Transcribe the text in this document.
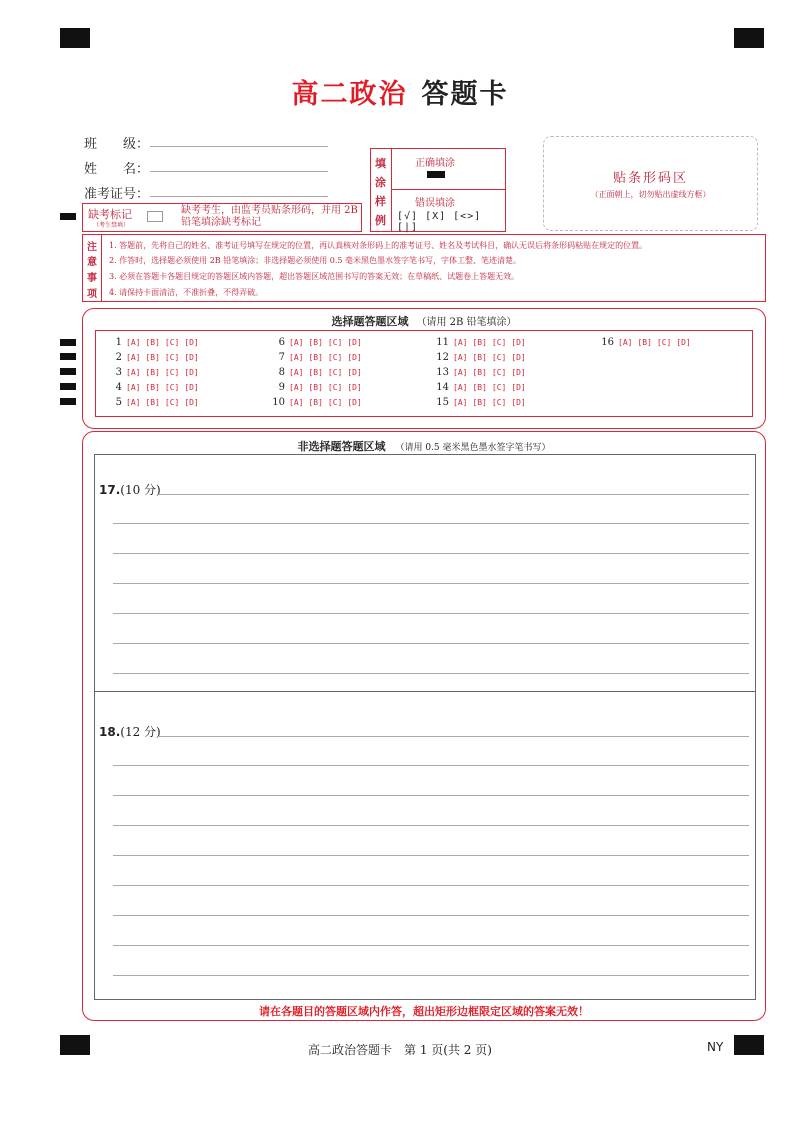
高二政治 答题卡
班　　级：
姓　　名：
准考证号：
缺考标记
（考生禁填）
缺考考生，由监考员贴条形码，并用 2B 铅笔填涂缺考标记
填
涂
样
例
正确填涂
错误填涂
[√] [X] [<>] [|]
贴条形码区
（正面朝上，切勿贴出虚线方框）
注
意
事
项
1. 答题前，先将自己的姓名、准考证号填写在规定的位置，再认真核对条形码上的准考证号、姓名及考试科目，确认无误后将条形码粘贴在规定的位置。
2. 作答时，选择题必须使用 2B 铅笔填涂；非选择题必须使用 0.5 毫米黑色墨水签字笔书写，字体工整、笔迹清楚。
3. 必须在答题卡各题目规定的答题区域内答题，超出答题区域范围书写的答案无效；在草稿纸、试题卷上答题无效。
4. 请保持卡面清洁，不准折叠，不得弄破。
选择题答题区域 （请用 2B 铅笔填涂）
1 [A] [B] [C] [D]
2 [A] [B] [C] [D]
3 [A] [B] [C] [D]
4 [A] [B] [C] [D]
5 [A] [B] [C] [D]
6 [A] [B] [C] [D]
7 [A] [B] [C] [D]
8 [A] [B] [C] [D]
9 [A] [B] [C] [D]
10 [A] [B] [C] [D]
11 [A] [B] [C] [D]
12 [A] [B] [C] [D]
13 [A] [B] [C] [D]
14 [A] [B] [C] [D]
15 [A] [B] [C] [D]
16 [A] [B] [C] [D]
非选择题答题区域 （请用 0.5 毫米黑色墨水签字笔书写）
17.(10 分)
18.(12 分)
请在各题目的答题区域内作答，超出矩形边框限定区域的答案无效！
高二政治答题卡　第 1 页(共 2 页)	NY
